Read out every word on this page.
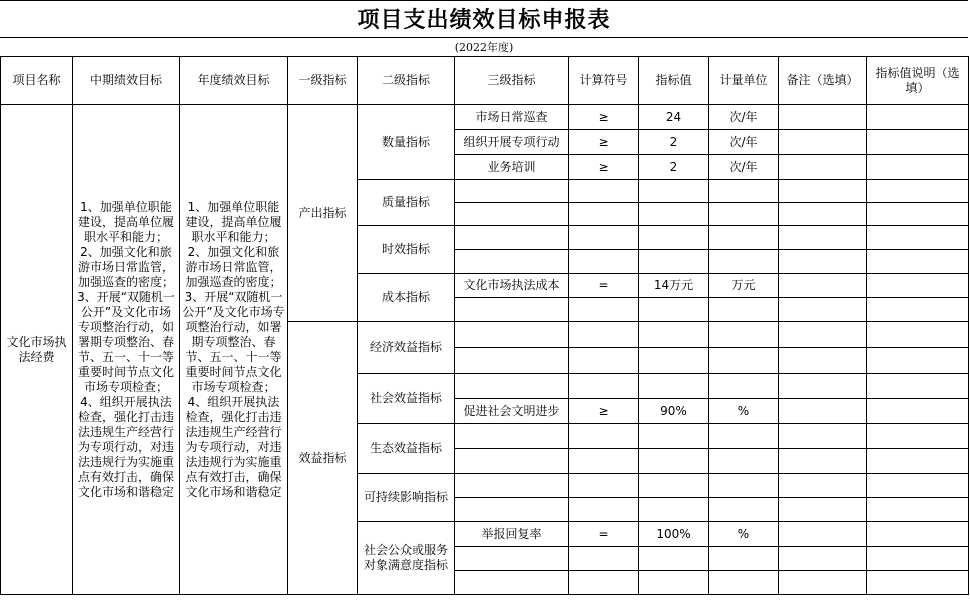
项目支出绩效目标申报表
(2022年度)
项目名称	中期绩效目标	年度绩效目标	一级指标	二级指标	三级指标	计算符号	指标值	计量单位	备注（选填）	指标值说明（选填）
文化市场执法经费	1、加强单位职能建设，提高单位履职水平和能力；2、加强文化和旅游市场日常监管，加强巡查的密度；3、开展“双随机一公开”及文化市场专项整治行动，如署期专项整治、春节、五一、十一等重要时间节点文化市场专项检查；4、组织开展执法检查，强化打击违法违规生产经营行为专项行动，对违法违规行为实施重点有效打击，确保文化市场和谐稳定	1、加强单位职能建设，提高单位履职水平和能力；2、加强文化和旅游市场日常监管，加强巡查的密度；3、开展“双随机一公开”及文化市场专项整治行动，如署期专项整治、春节、五一、十一等重要时间节点文化市场专项检查；4、组织开展执法检查，强化打击违法违规生产经营行为专项行动，对违法违规行为实施重点有效打击，确保文化市场和谐稳定	产出指标	数量指标	市场日常巡查	≥	24	次/年		
					组织开展专项行动	≥	2	次/年		
					业务培训	≥	2	次/年		
				质量指标						

				时效指标						

				成本指标	文化市场执法成本	=	14万元	万元		

			效益指标	经济效益指标						

				社会效益指标						
					促进社会文明进步	≥	90%	%		
				生态效益指标						

				可持续影响指标						

				社会公众或服务对象满意度指标	举报回复率	=	100%	%		
